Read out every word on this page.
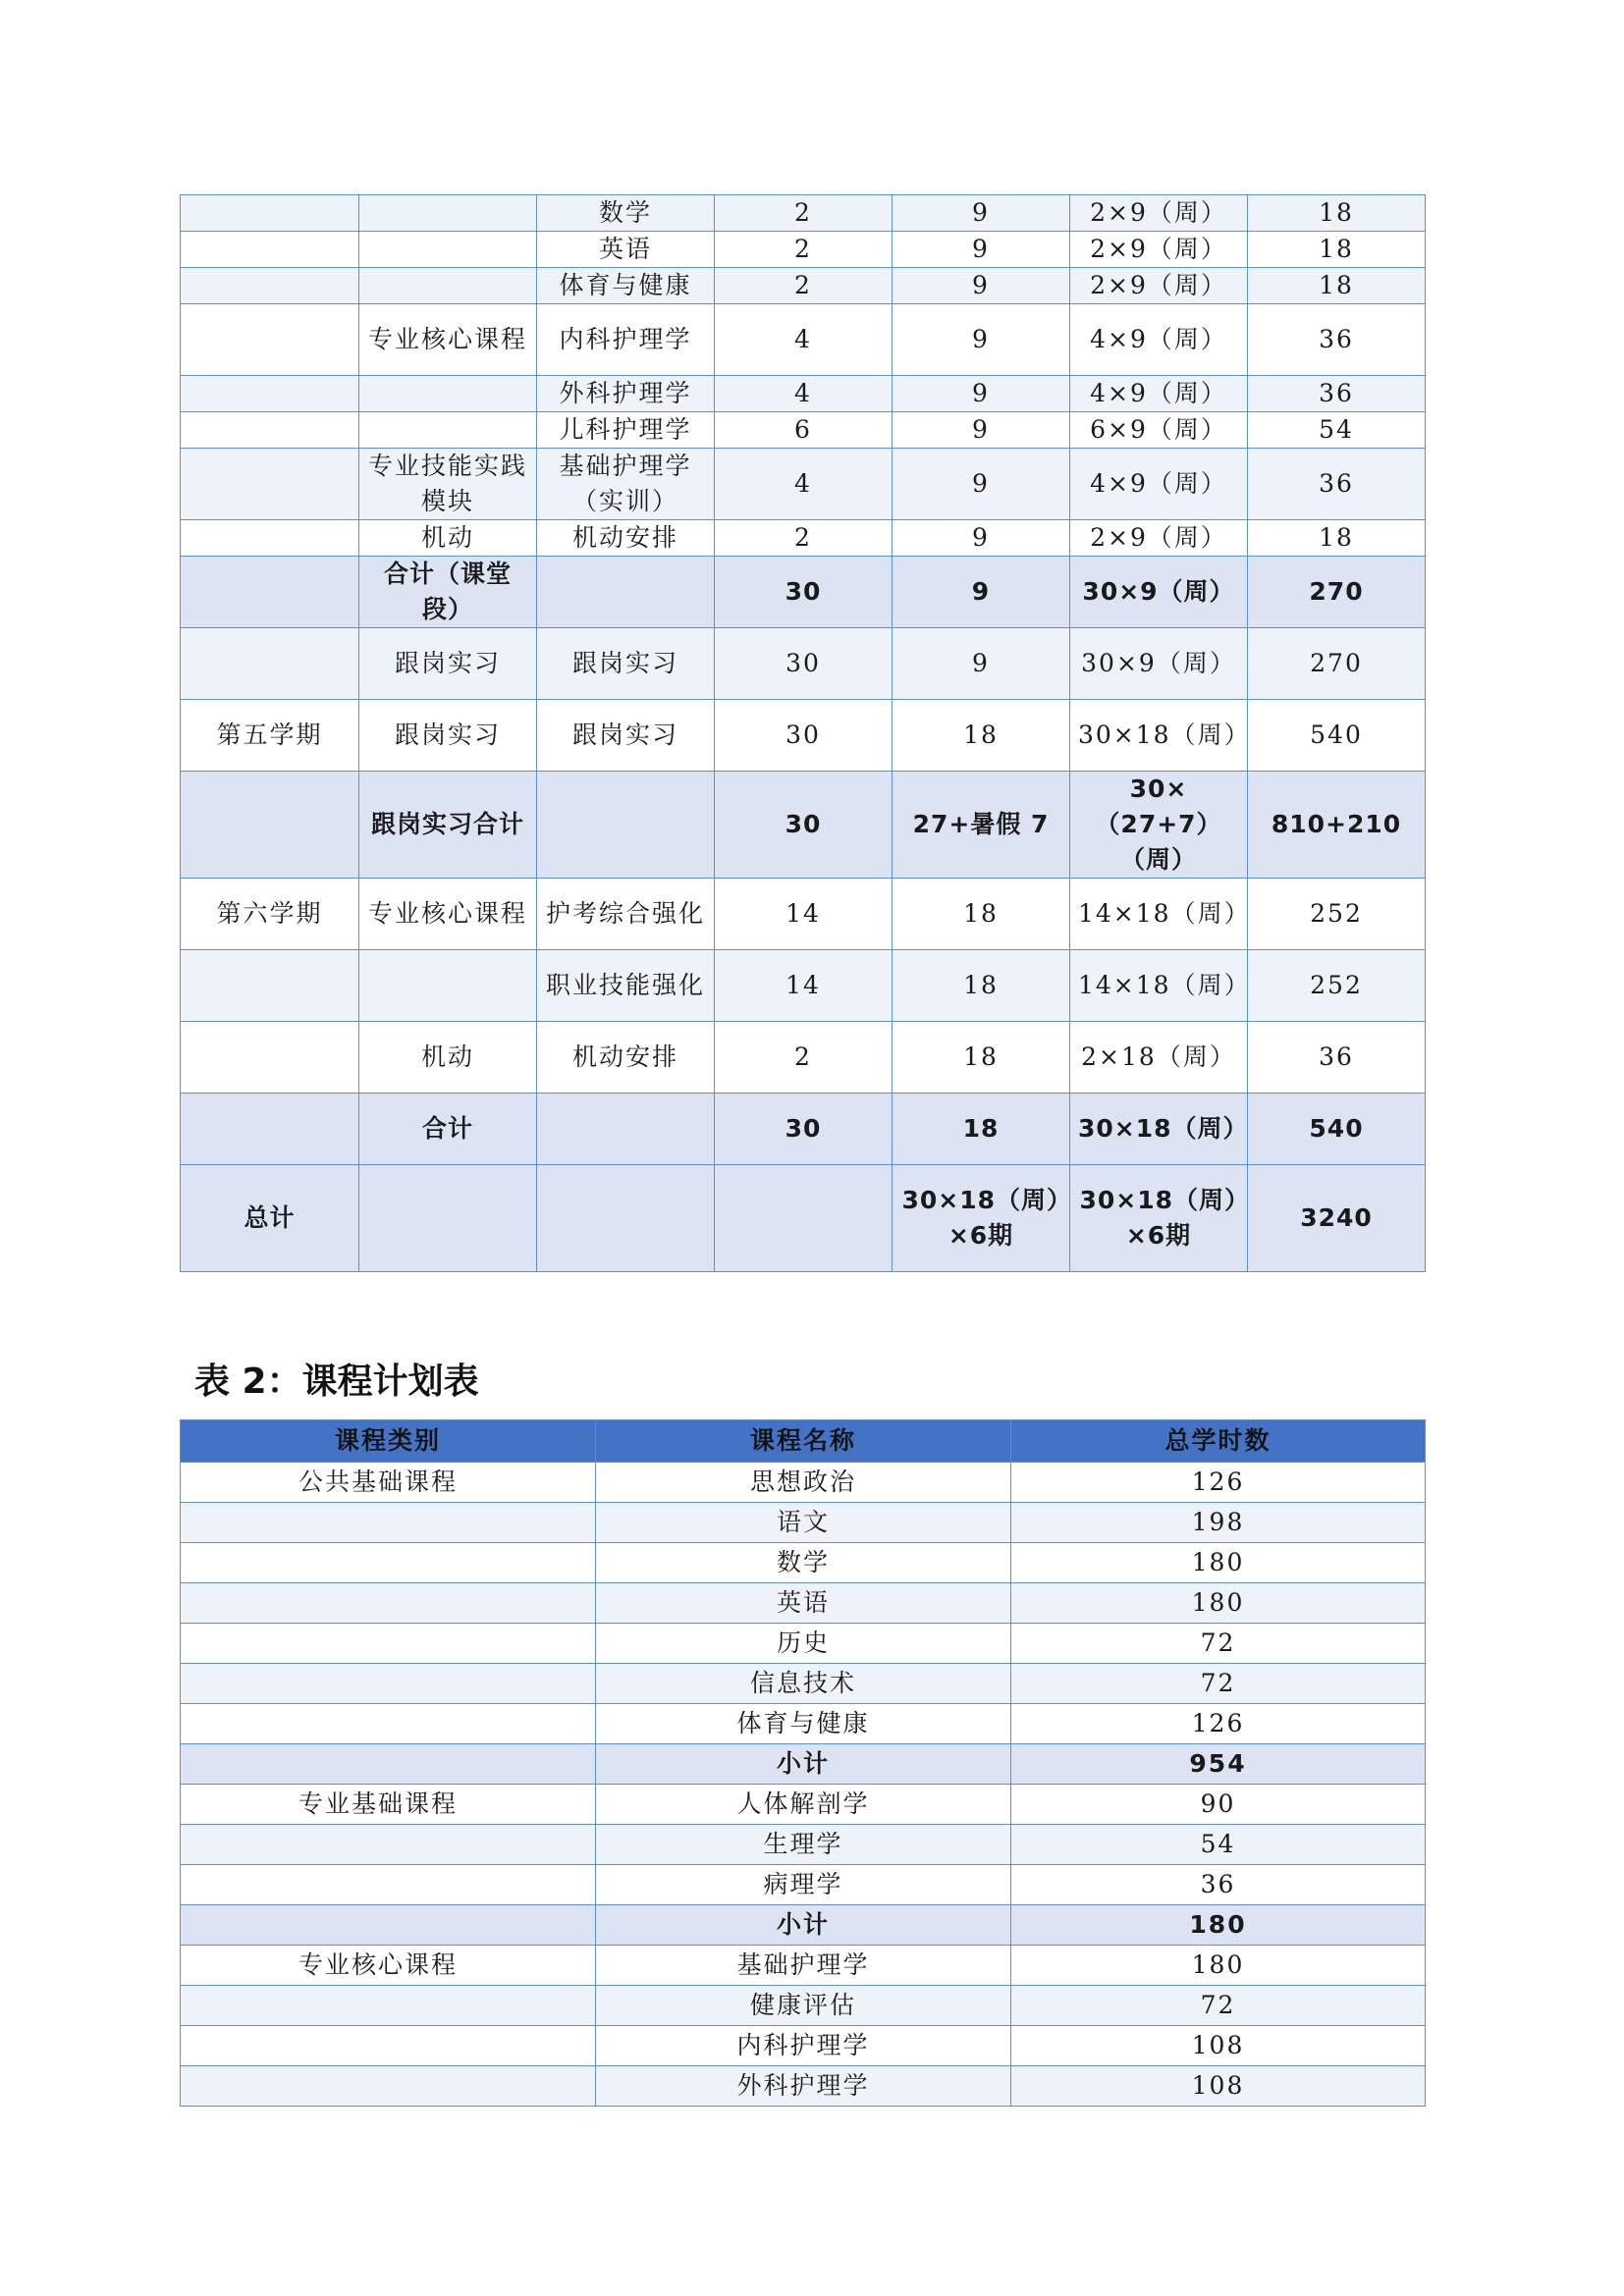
		数学	2	9	2×9（周）	18
		英语	2	9	2×9（周）	18
		体育与健康	2	9	2×9（周）	18
	专业核心课程	内科护理学	4	9	4×9（周）	36
		外科护理学	4	9	4×9（周）	36
		儿科护理学	6	9	6×9（周）	54
	专业技能实践模块	基础护理学（实训）	4	9	4×9（周）	36
	机动	机动安排	2	9	2×9（周）	18
	合计（课堂段）		30	9	30×9（周）	270
	跟岗实习	跟岗实习	30	9	30×9（周）	270
第五学期	跟岗实习	跟岗实习	30	18	30×18（周）	540
	跟岗实习合计		30	27+暑假 7	30×（27+7）（周）	810+210
第六学期	专业核心课程	护考综合强化	14	18	14×18（周）	252
		职业技能强化	14	18	14×18（周）	252
	机动	机动安排	2	18	2×18（周）	36
	合计		30	18	30×18（周）	540
总计				30×18（周）×6期	30×18（周）×6期	3240
表 2：课程计划表
课程类别	课程名称	总学时数
公共基础课程	思想政治	126
	语文	198
	数学	180
	英语	180
	历史	72
	信息技术	72
	体育与健康	126
	小计	954
专业基础课程	人体解剖学	90
	生理学	54
	病理学	36
	小计	180
专业核心课程	基础护理学	180
	健康评估	72
	内科护理学	108
	外科护理学	108
